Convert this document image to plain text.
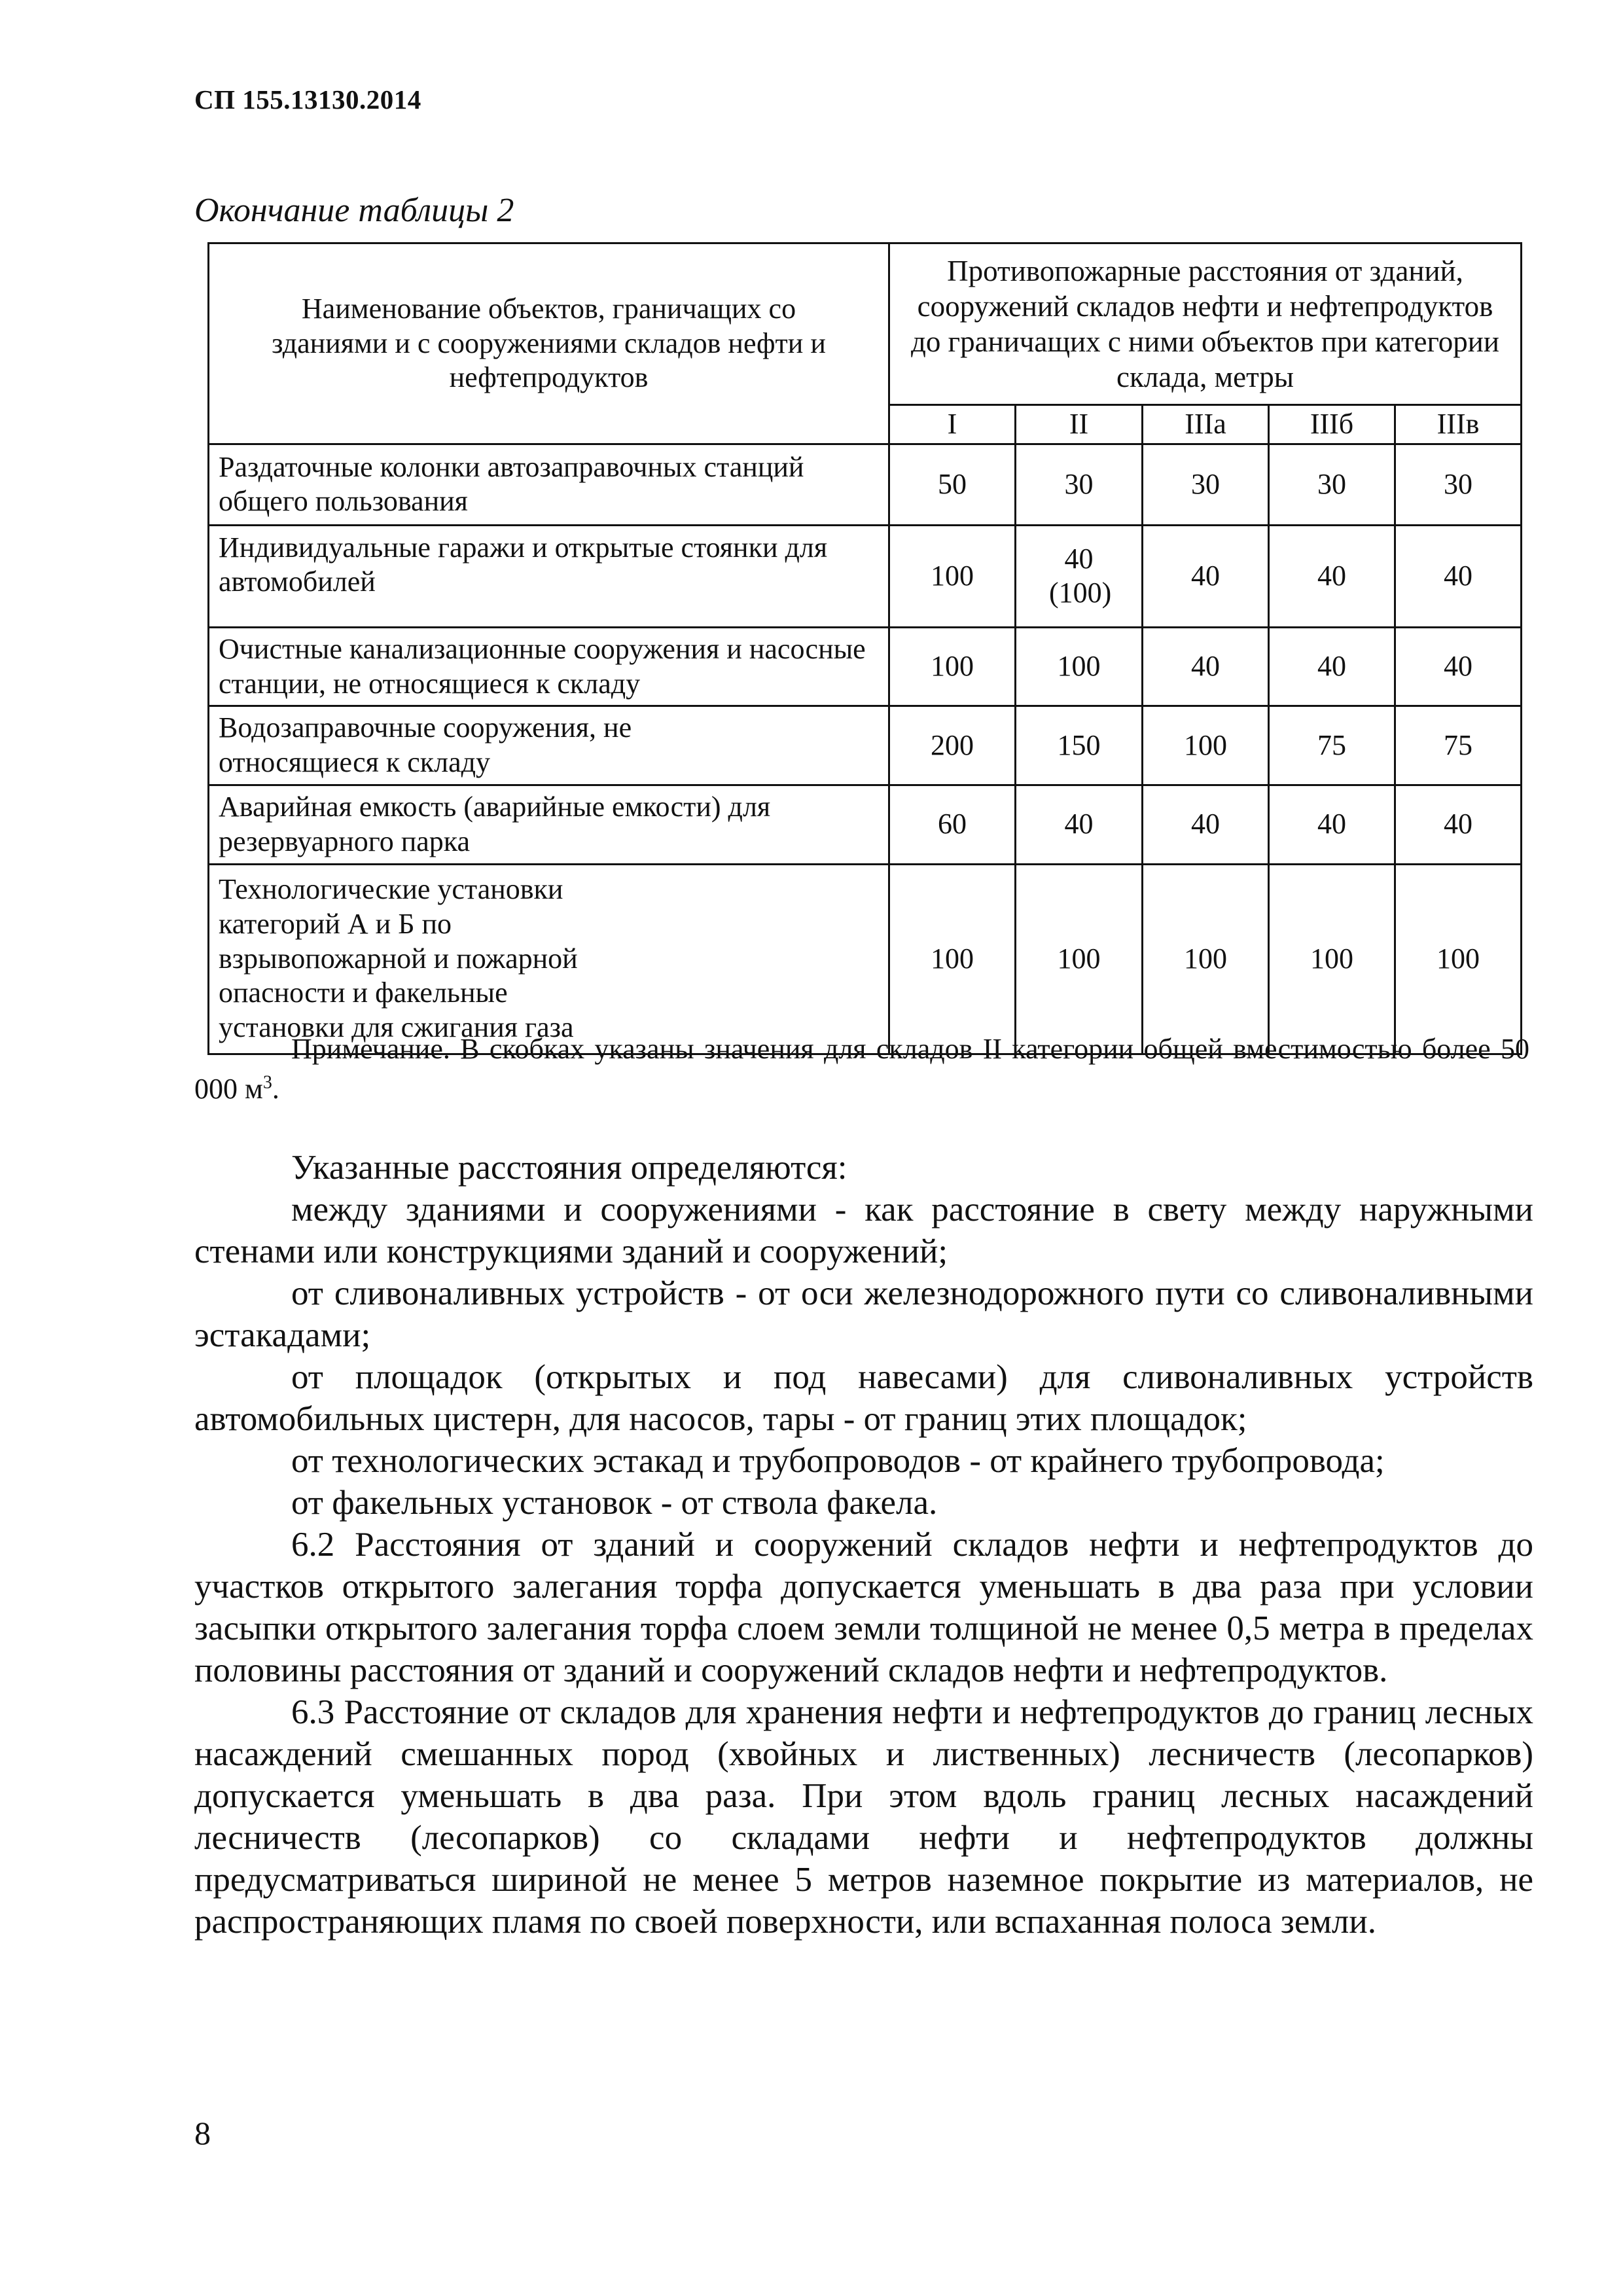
СП 155.13130.2014
Окончание таблицы 2
Наименование объектов, граничащих со зданиями и с сооружениями складов нефти и нефтепродуктов	Противопожарные расстояния от зданий, сооружений складов нефти и нефтепродуктов до граничащих с ними объектов при категории склада, метры				
	I	II	IIIа	IIIб	IIIв
Раздаточные колонки автозаправочных станций общего пользования	50	30	30	30	30
Индивидуальные гаражи и открытые стоянки для автомобилей	100	40 (100)	40	40	40
Очистные канализационные сооружения и насосные станции, не относящиеся к складу	100	100	40	40	40
Водозаправочные сооружения, не относящиеся к складу	200	150	100	75	75
Аварийная емкость (аварийные емкости) для резервуарного парка	60	40	40	40	40
Технологические установки категорий А и Б по взрывопожарной и пожарной опасности и факельные установки для сжигания газа	100	100	100	100	100
Примечание. В скобках указаны значения для складов II категории общей вместимостью более 50 000 $м^3$.

Указанные расстояния определяются:

между зданиями и сооружениями - как расстояние в свету между наружными стенами или конструкциями зданий и сооружений;

от сливоналивных устройств - от оси железнодорожного пути со сливоналивными эстакадами;

от площадок (открытых и под навесами) для сливоналивных устройств автомобильных цистерн, для насосов, тары - от границ этих площадок;

от технологических эстакад и трубопроводов - от крайнего трубопровода;

от факельных установок - от ствола факела.

6.2 Расстояния от зданий и сооружений складов нефти и нефтепродуктов до участков открытого залегания торфа допускается уменьшать в два раза при условии засыпки открытого залегания торфа слоем земли толщиной не менее 0,5 метра в пределах половины расстояния от зданий и сооружений складов нефти и нефтепродуктов.

6.3 Расстояние от складов для хранения нефти и нефтепродуктов до границ лесных насаждений смешанных пород (хвойных и лиственных) лесничеств (лесопарков) допускается уменьшать в два раза. При этом вдоль границ лесных насаждений лесничеств (лесопарков) со складами нефти и нефтепродуктов должны предусматриваться шириной не менее 5 метров наземное покрытие из материалов, не распространяющих пламя по своей поверхности, или вспаханная полоса земли.

8
